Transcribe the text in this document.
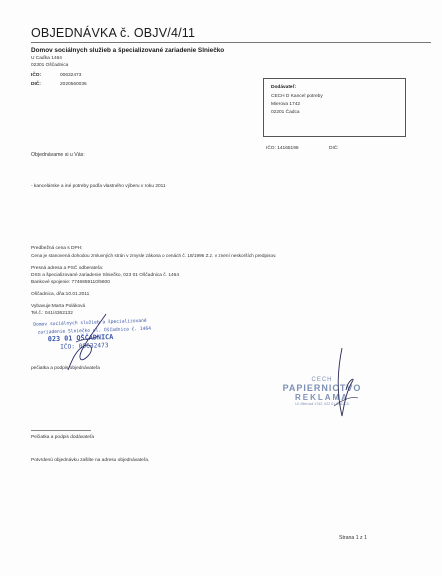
OBJEDNÁVKA č. OBJV/4/11
Domov sociálnych služieb a špecializované zariadenie Slniečko
U Caďka 1464
02301 Oščadnica
IČO:	00632473
DIČ:	2020560036
Dodávateľ:
CECH D Kancel potreby
Mierova 1742
02201 Čadca
IČO: 14165198	DIČ:
Objednávame si u Vás:
- kancelárske a iné potreby podľa vlastného výberu v roku 2011
Predbežná cena s DPH:
Cena je stanovená dohodou zmluvných strán v zmysle zákona o cenách č. 18/1996 Z.z. v znení neskorších predpisov.
Presná adresa a PSČ odberateľa:
DSS a špecializované zariadenie Slniečko, 023 01 Oščadnica č. 1464
Bankové spojenie: 7746659110/5600
Oščadnica, dňa:10.01.2011
Vybavuje:Marta Poláková
Tel.č.: 041/4362132
Domov sociálnych služieb a špecializované
zariadenie Slniečko ul. Oščadnica č. 1464
023 01 OŠČADNICA
IČO: 00632473
pečiatka a podpis objednávateľa
CECH
PAPIERNICTVO
REKLAMA
Ul. Mierová 1742, 022 01 ČADCA
Pečiatka a podpis dodávateľa
Potvrdenú objednávku zašlite na adresu objednávateľa.
Strana 1 z 1
